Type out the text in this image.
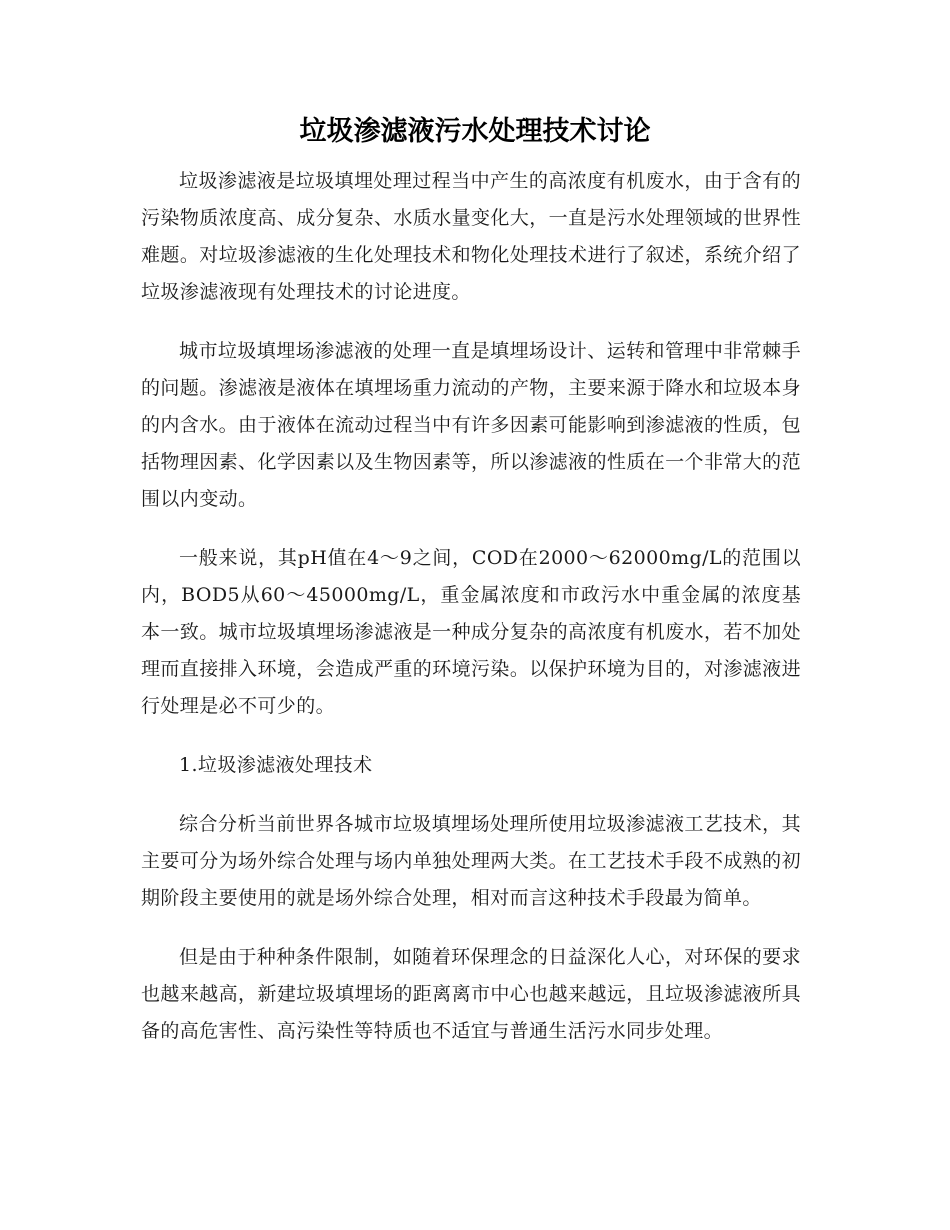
垃圾渗滤液污水处理技术讨论

垃圾渗滤液是垃圾填埋处理过程当中产生的高浓度有机废水，由于含有的污染物质浓度高、成分复杂、水质水量变化大，一直是污水处理领域的世界性难题。对垃圾渗滤液的生化处理技术和物化处理技术进行了叙述，系统介绍了垃圾渗滤液现有处理技术的讨论进度。

城市垃圾填埋场渗滤液的处理一直是填埋场设计、运转和管理中非常棘手的问题。渗滤液是液体在填埋场重力流动的产物，主要来源于降水和垃圾本身的内含水。由于液体在流动过程当中有许多因素可能影响到渗滤液的性质，包括物理因素、化学因素以及生物因素等，所以渗滤液的性质在一个非常大的范围以内变动。

一般来说，其pH值在4～9之间，COD在2000～62000mg/L的范围以内，BOD5从60～45000mg/L，重金属浓度和市政污水中重金属的浓度基本一致。城市垃圾填埋场渗滤液是一种成分复杂的高浓度有机废水，若不加处理而直接排入环境，会造成严重的环境污染。以保护环境为目的，对渗滤液进行处理是必不可少的。

1.垃圾渗滤液处理技术

综合分析当前世界各城市垃圾填埋场处理所使用垃圾渗滤液工艺技术，其主要可分为场外综合处理与场内单独处理两大类。在工艺技术手段不成熟的初期阶段主要使用的就是场外综合处理，相对而言这种技术手段最为简单。

但是由于种种条件限制，如随着环保理念的日益深化人心，对环保的要求也越来越高，新建垃圾填埋场的距离离市中心也越来越远，且垃圾渗滤液所具备的高危害性、高污染性等特质也不适宜与普通生活污水同步处理。
